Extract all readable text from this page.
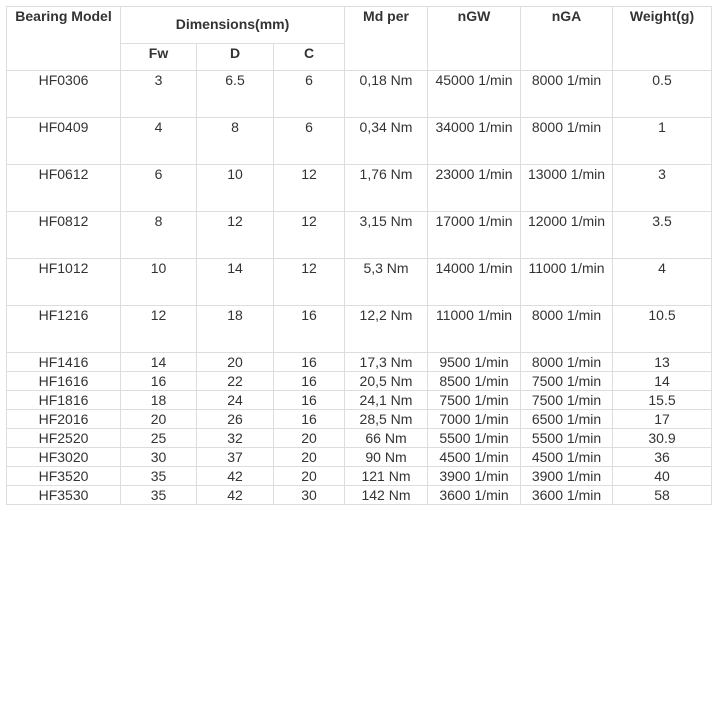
Bearing Model	Dimensions(mm)			Md per	nGW	nGA	Weight(g)
	Fw	D	C				
HF0306	3	6.5	6	0,18 Nm	45000 1/min	8000 1/min	0.5
HF0409	4	8	6	0,34 Nm	34000 1/min	8000 1/min	1
HF0612	6	10	12	1,76 Nm	23000 1/min	13000 1/min	3
HF0812	8	12	12	3,15 Nm	17000 1/min	12000 1/min	3.5
HF1012	10	14	12	5,3 Nm	14000 1/min	11000 1/min	4
HF1216	12	18	16	12,2 Nm	11000 1/min	8000 1/min	10.5
HF1416	14	20	16	17,3 Nm	9500 1/min	8000 1/min	13
HF1616	16	22	16	20,5 Nm	8500 1/min	7500 1/min	14
HF1816	18	24	16	24,1 Nm	7500 1/min	7500 1/min	15.5
HF2016	20	26	16	28,5 Nm	7000 1/min	6500 1/min	17
HF2520	25	32	20	66 Nm	5500 1/min	5500 1/min	30.9
HF3020	30	37	20	90 Nm	4500 1/min	4500 1/min	36
HF3520	35	42	20	121 Nm	3900 1/min	3900 1/min	40
HF3530	35	42	30	142 Nm	3600 1/min	3600 1/min	58
